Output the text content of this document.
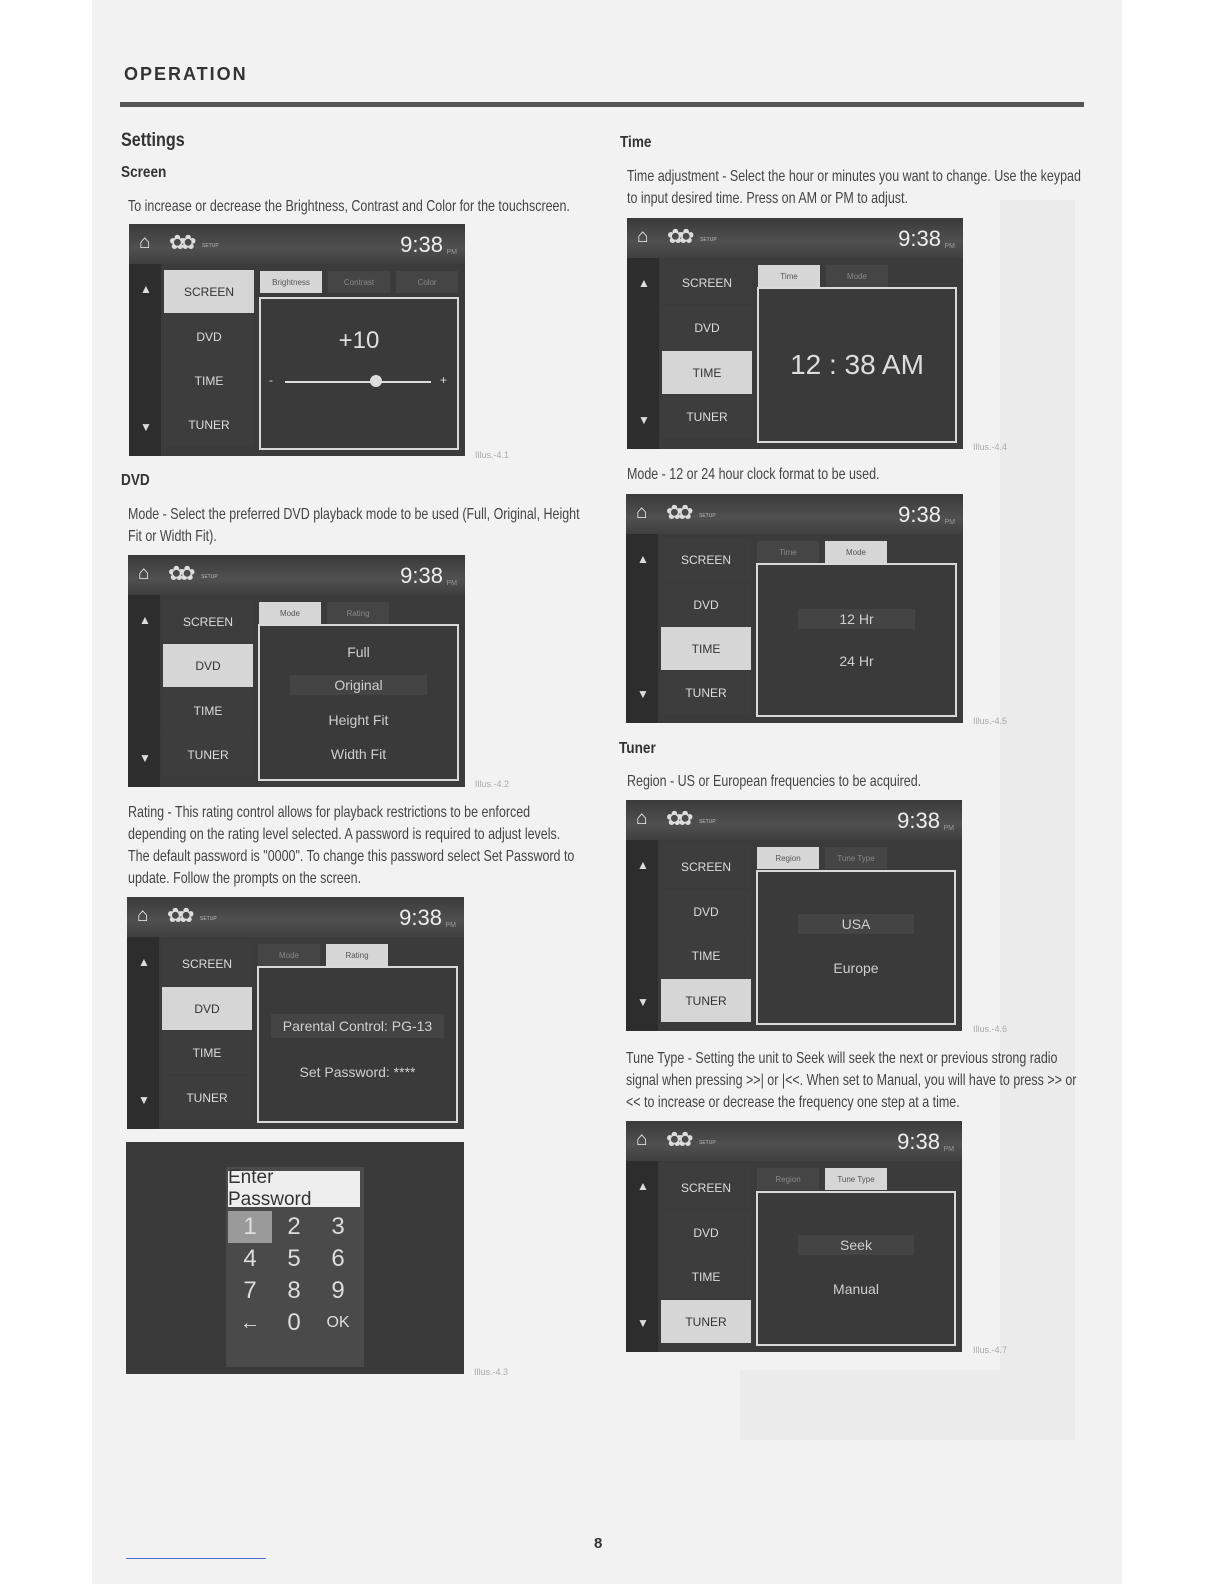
OPERATION
Settings
Screen
To increase or decrease the Brightness, Contrast and Color for the touchscreen.
⌂ ✿✿ SETUP	9:38 PM
▲
▼
SCREEN
DVD
TIME
TUNER
Brightness	Contrast	Color
+10
-	+
Illus.-4.1
DVD
Mode - Select the preferred DVD playback mode to be used (Full, Original, Height Fit or Width Fit).
⌂ ✿✿ SETUP	9:38 PM
▲
▼
SCREEN
DVD
TIME
TUNER
Mode	Rating
Full
Original
Height Fit
Width Fit
Illus.-4.2
Rating - This rating control allows for playback restrictions to be enforced depending on the rating level selected. A password is required to adjust levels. The default password is "0000". To change this password select Set Password to update. Follow the prompts on the screen.
⌂ ✿✿ SETUP	9:38 PM
▲
▼
SCREEN
DVD
TIME
TUNER
Mode	Rating
Parental Control: PG-13
Set Password: ****
Enter Password
1	2	3
4	5	6
7	8	9
←	0	OK
Illus.-4.3
Time
Time adjustment - Select the hour or minutes you want to change. Use the keypad to input desired time. Press on AM or PM to adjust.
⌂ ✿✿ SETUP	9:38 PM
▲
▼
SCREEN
DVD
TIME
TUNER
Time	Mode
12 : 38 AM
Illus.-4.4
Mode - 12 or 24 hour clock format to be used.
⌂ ✿✿ SETUP	9:38 PM
▲
▼
SCREEN
DVD
TIME
TUNER
Time	Mode
12 Hr
24 Hr
Illus.-4.5
Tuner
Region - US or European frequencies to be acquired.
⌂ ✿✿ SETUP	9:38 PM
▲
▼
SCREEN
DVD
TIME
TUNER
Region	Tune Type
USA
Europe
Illus.-4.6
Tune Type - Setting the unit to Seek will seek the next or previous strong radio signal when pressing >>| or |<<. When set to Manual, you will have to press >> or << to increase or decrease the frequency one step at a time.
⌂ ✿✿ SETUP	9:38 PM
▲
▼
SCREEN
DVD
TIME
TUNER
Region	Tune Type
Seek
Manual
Illus.-4.7
8
